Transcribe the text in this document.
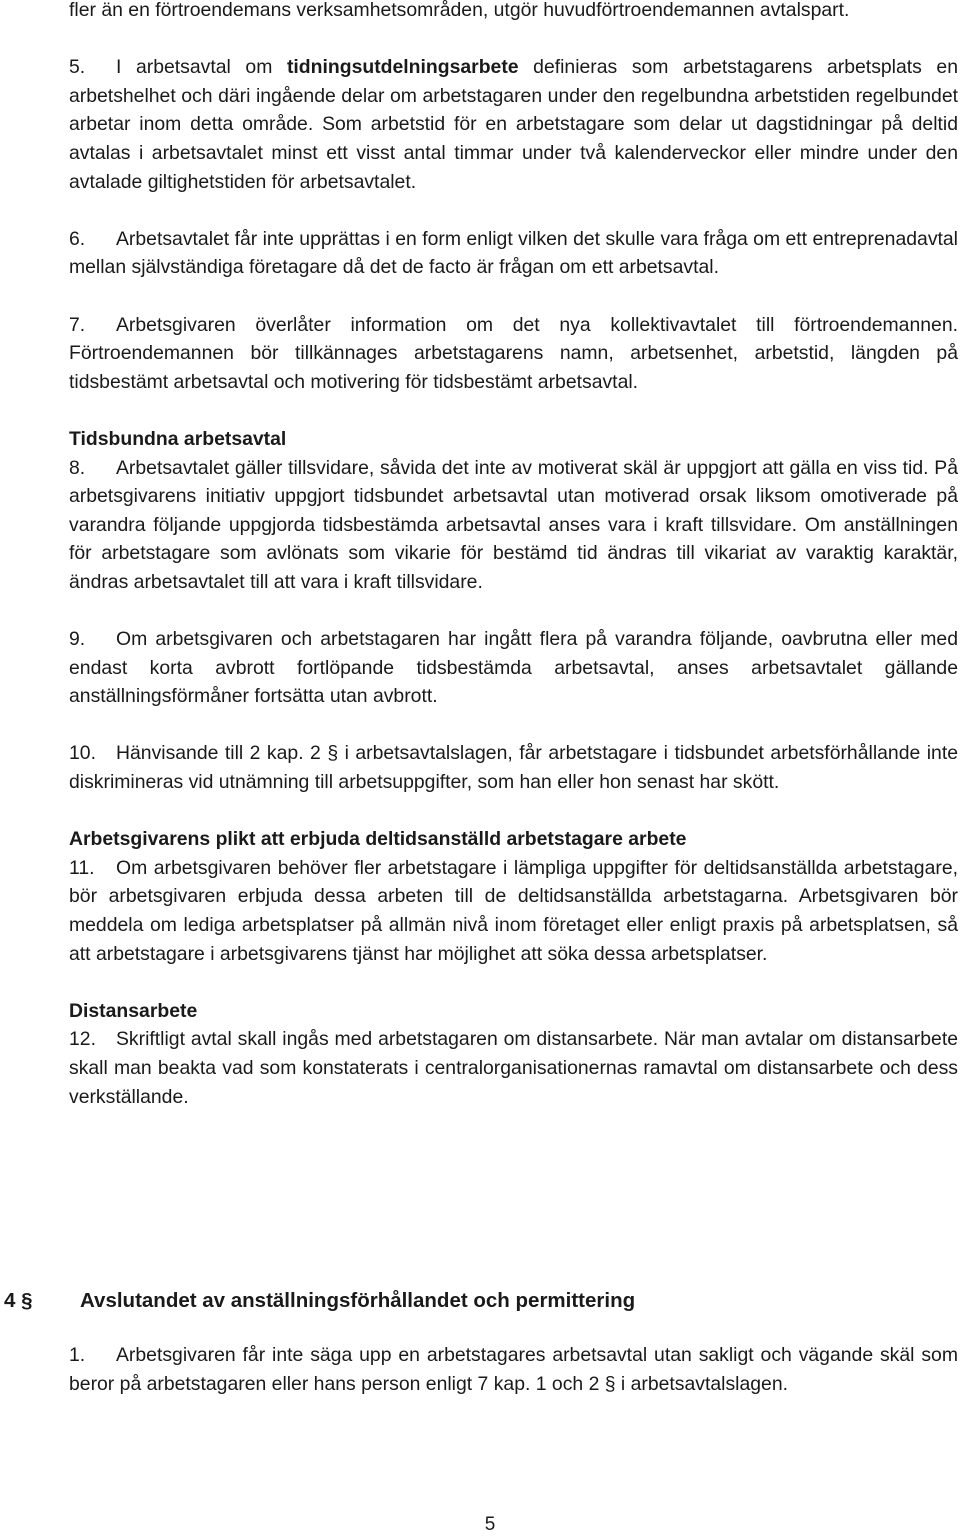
fler än en förtroendemans verksamhetsområden, utgör huvudförtroendemannen avtalspart.

5. I arbetsavtal om tidningsutdelningsarbete definieras som arbetstagarens arbetsplats en arbetshelhet och däri ingående delar om arbetstagaren under den regelbundna arbetstiden regelbundet arbetar inom detta område. Som arbetstid för en arbetstagare som delar ut dagstidningar på deltid avtalas i arbetsavtalet minst ett visst antal timmar under två kalenderveckor eller mindre under den avtalade giltighetstiden för arbetsavtalet.

6. Arbetsavtalet får inte upprättas i en form enligt vilken det skulle vara fråga om ett entreprenadavtal mellan självständiga företagare då det de facto är frågan om ett arbetsavtal.

7. Arbetsgivaren överlåter information om det nya kollektivavtalet till förtroendemannen. Förtroendemannen bör tillkännages arbetstagarens namn, arbetsenhet, arbetstid, längden på tidsbestämt arbetsavtal och motivering för tidsbestämt arbetsavtal.

Tidsbundna arbetsavtal

8. Arbetsavtalet gäller tillsvidare, såvida det inte av motiverat skäl är uppgjort att gälla en viss tid. På arbetsgivarens initiativ uppgjort tidsbundet arbetsavtal utan motiverad orsak liksom omotiverade på varandra följande uppgjorda tidsbestämda arbetsavtal anses vara i kraft tillsvidare. Om anställningen för arbetstagare som avlönats som vikarie för bestämd tid ändras till vikariat av varaktig karaktär, ändras arbetsavtalet till att vara i kraft tillsvidare.

9. Om arbetsgivaren och arbetstagaren har ingått flera på varandra följande, oavbrutna eller med endast korta avbrott fortlöpande tidsbestämda arbetsavtal, anses arbetsavtalet gällande anställningsförmåner fortsätta utan avbrott.

10. Hänvisande till 2 kap. 2 § i arbetsavtalslagen, får arbetstagare i tidsbundet arbetsförhållande inte diskrimineras vid utnämning till arbetsuppgifter, som han eller hon senast har skött.

Arbetsgivarens plikt att erbjuda deltidsanställd arbetstagare arbete

11. Om arbetsgivaren behöver fler arbetstagare i lämpliga uppgifter för deltidsanställda arbetstagare, bör arbetsgivaren erbjuda dessa arbeten till de deltidsanställda arbetstagarna. Arbetsgivaren bör meddela om lediga arbetsplatser på allmän nivå inom företaget eller enligt praxis på arbetsplatsen, så att arbetstagare i arbetsgivarens tjänst har möjlighet att söka dessa arbetsplatser.

Distansarbete

12. Skriftligt avtal skall ingås med arbetstagaren om distansarbete. När man avtalar om distansarbete skall man beakta vad som konstaterats i centralorganisationernas ramavtal om distansarbete och dess verkställande.

4 § Avslutandet av anställningsförhållandet och permittering

1. Arbetsgivaren får inte säga upp en arbetstagares arbetsavtal utan sakligt och vägande skäl som beror på arbetstagaren eller hans person enligt 7 kap. 1 och 2 § i arbetsavtalslagen.

5
